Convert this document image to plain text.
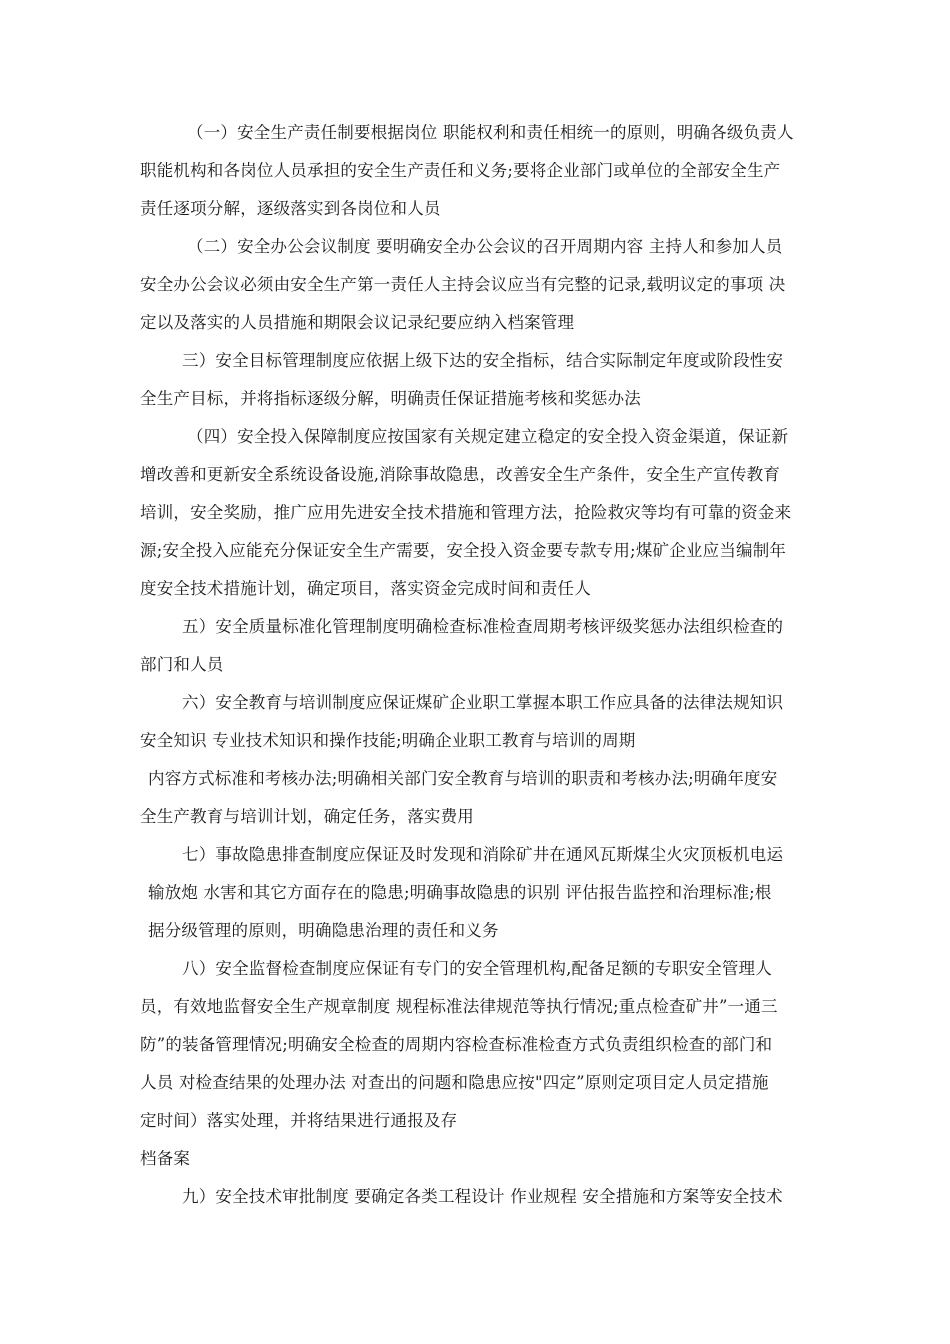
（一）安全生产责任制要根据岗位 职能权利和责任相统一的原则，明确各级负责人
职能机构和各岗位人员承担的安全生产责任和义务;要将企业部门或单位的全部安全生产
责任逐项分解，逐级落实到各岗位和人员
（二）安全办公会议制度 要明确安全办公会议的召开周期内容 主持人和参加人员
安全办公会议必须由安全生产第一责任人主持会议应当有完整的记录,载明议定的事项 决
定以及落实的人员措施和期限会议记录纪要应纳入档案管理
三）安全目标管理制度应依据上级下达的安全指标，结合实际制定年度或阶段性安
全生产目标，并将指标逐级分解，明确责任保证措施考核和奖惩办法
（四）安全投入保障制度应按国家有关规定建立稳定的安全投入资金渠道，保证新
增改善和更新安全系统设备设施,消除事故隐患，改善安全生产条件，安全生产宣传教育
培训，安全奖励，推广应用先进安全技术措施和管理方法，抢险救灾等均有可靠的资金来
源;安全投入应能充分保证安全生产需要，安全投入资金要专款专用;煤矿企业应当编制年
度安全技术措施计划，确定项目，落实资金完成时间和责任人
五）安全质量标准化管理制度明确检查标准检查周期考核评级奖惩办法组织检查的
部门和人员
六）安全教育与培训制度应保证煤矿企业职工掌握本职工作应具备的法律法规知识
安全知识 专业技术知识和操作技能;明确企业职工教育与培训的周期
内容方式标准和考核办法;明确相关部门安全教育与培训的职责和考核办法;明确年度安
全生产教育与培训计划，确定任务，落实费用
七）事故隐患排查制度应保证及时发现和消除矿井在通风瓦斯煤尘火灾顶板机电运
输放炮 水害和其它方面存在的隐患;明确事故隐患的识别 评估报告监控和治理标准;根
据分级管理的原则，明确隐患治理的责任和义务
八）安全监督检查制度应保证有专门的安全管理机构,配备足额的专职安全管理人
员，有效地监督安全生产规章制度 规程标准法律规范等执行情况;重点检查矿井”一通三
防”的装备管理情况;明确安全检查的周期内容检查标准检查方式负责组织检查的部门和
人员 对检查结果的处理办法 对查出的问题和隐患应按"四定”原则定项目定人员定措施
定时间）落实处理，并将结果进行通报及存
档备案
九）安全技术审批制度 要确定各类工程设计 作业规程 安全措施和方案等安全技术
